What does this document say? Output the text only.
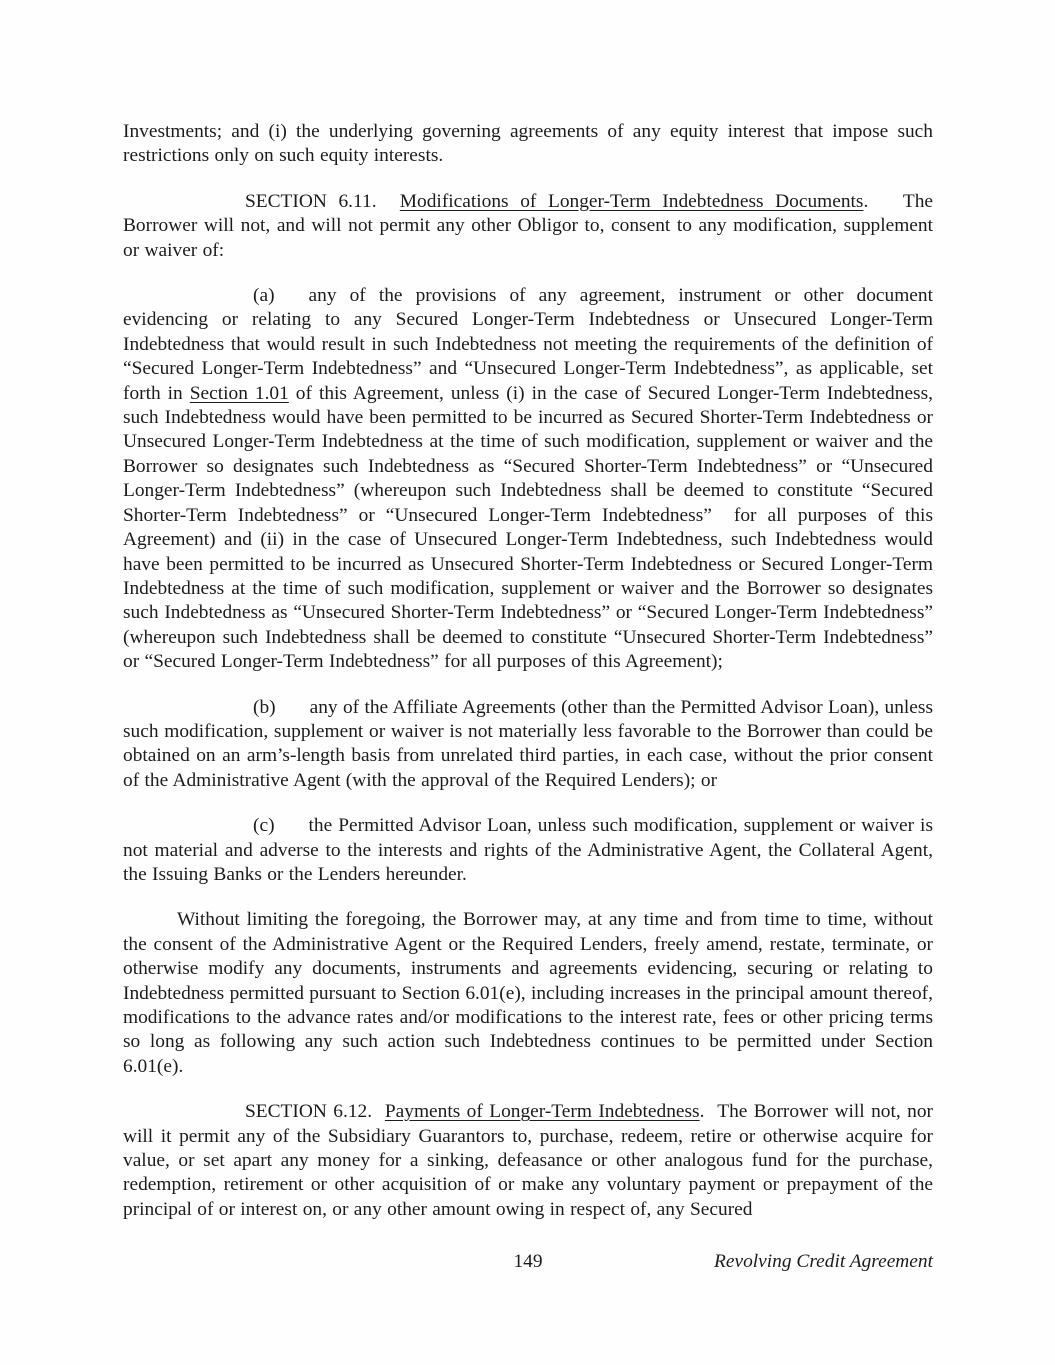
Investments; and (i) the underlying governing agreements of any equity interest that impose such restrictions only on such equity interests.

SECTION 6.11.  Modifications of Longer-Term Indebtedness Documents.   The Borrower will not, and will not permit any other Obligor to, consent to any modification, supplement or waiver of:

(a) any of the provisions of any agreement, instrument or other document evidencing or relating to any Secured Longer-Term Indebtedness or Unsecured Longer-Term Indebtedness that would result in such Indebtedness not meeting the requirements of the definition of “Secured Longer-Term Indebtedness” and “Unsecured Longer-Term Indebtedness”, as applicable, set forth in Section 1.01 of this Agreement, unless (i) in the case of Secured Longer-Term Indebtedness, such Indebtedness would have been permitted to be incurred as Secured Shorter-Term Indebtedness or Unsecured Longer-Term Indebtedness at the time of such modification, supplement or waiver and the Borrower so designates such Indebtedness as “Secured Shorter-Term Indebtedness” or “Unsecured Longer-Term Indebtedness” (whereupon such Indebtedness shall be deemed to constitute “Secured Shorter-Term Indebtedness” or “Unsecured Longer-Term Indebtedness”  for all purposes of this Agreement) and (ii) in the case of Unsecured Longer-Term Indebtedness, such Indebtedness would have been permitted to be incurred as Unsecured Shorter-Term Indebtedness or Secured Longer-Term Indebtedness at the time of such modification, supplement or waiver and the Borrower so designates such Indebtedness as “Unsecured Shorter-Term Indebtedness” or “Secured Longer-Term Indebtedness” (whereupon such Indebtedness shall be deemed to constitute “Unsecured Shorter-Term Indebtedness” or “Secured Longer-Term Indebtedness” for all purposes of this Agreement);

(b) any of the Affiliate Agreements (other than the Permitted Advisor Loan), unless such modification, supplement or waiver is not materially less favorable to the Borrower than could be obtained on an arm’s-length basis from unrelated third parties, in each case, without the prior consent of the Administrative Agent (with the approval of the Required Lenders); or

(c) the Permitted Advisor Loan, unless such modification, supplement or waiver is not material and adverse to the interests and rights of the Administrative Agent, the Collateral Agent, the Issuing Banks or the Lenders hereunder.

Without limiting the foregoing, the Borrower may, at any time and from time to time, without the consent of the Administrative Agent or the Required Lenders, freely amend, restate, terminate, or otherwise modify any documents, instruments and agreements evidencing, securing or relating to Indebtedness permitted pursuant to Section 6.01(e), including increases in the principal amount thereof, modifications to the advance rates and/or modifications to the interest rate, fees or other pricing terms so long as following any such action such Indebtedness continues to be permitted under Section 6.01(e).

SECTION 6.12.  Payments of Longer-Term Indebtedness.  The Borrower will not, nor will it permit any of the Subsidiary Guarantors to, purchase, redeem, retire or otherwise acquire for value, or set apart any money for a sinking, defeasance or other analogous fund for the purchase, redemption, retirement or other acquisition of or make any voluntary payment or prepayment of the principal of or interest on, or any other amount owing in respect of, any Secured

149	Revolving Credit Agreement
